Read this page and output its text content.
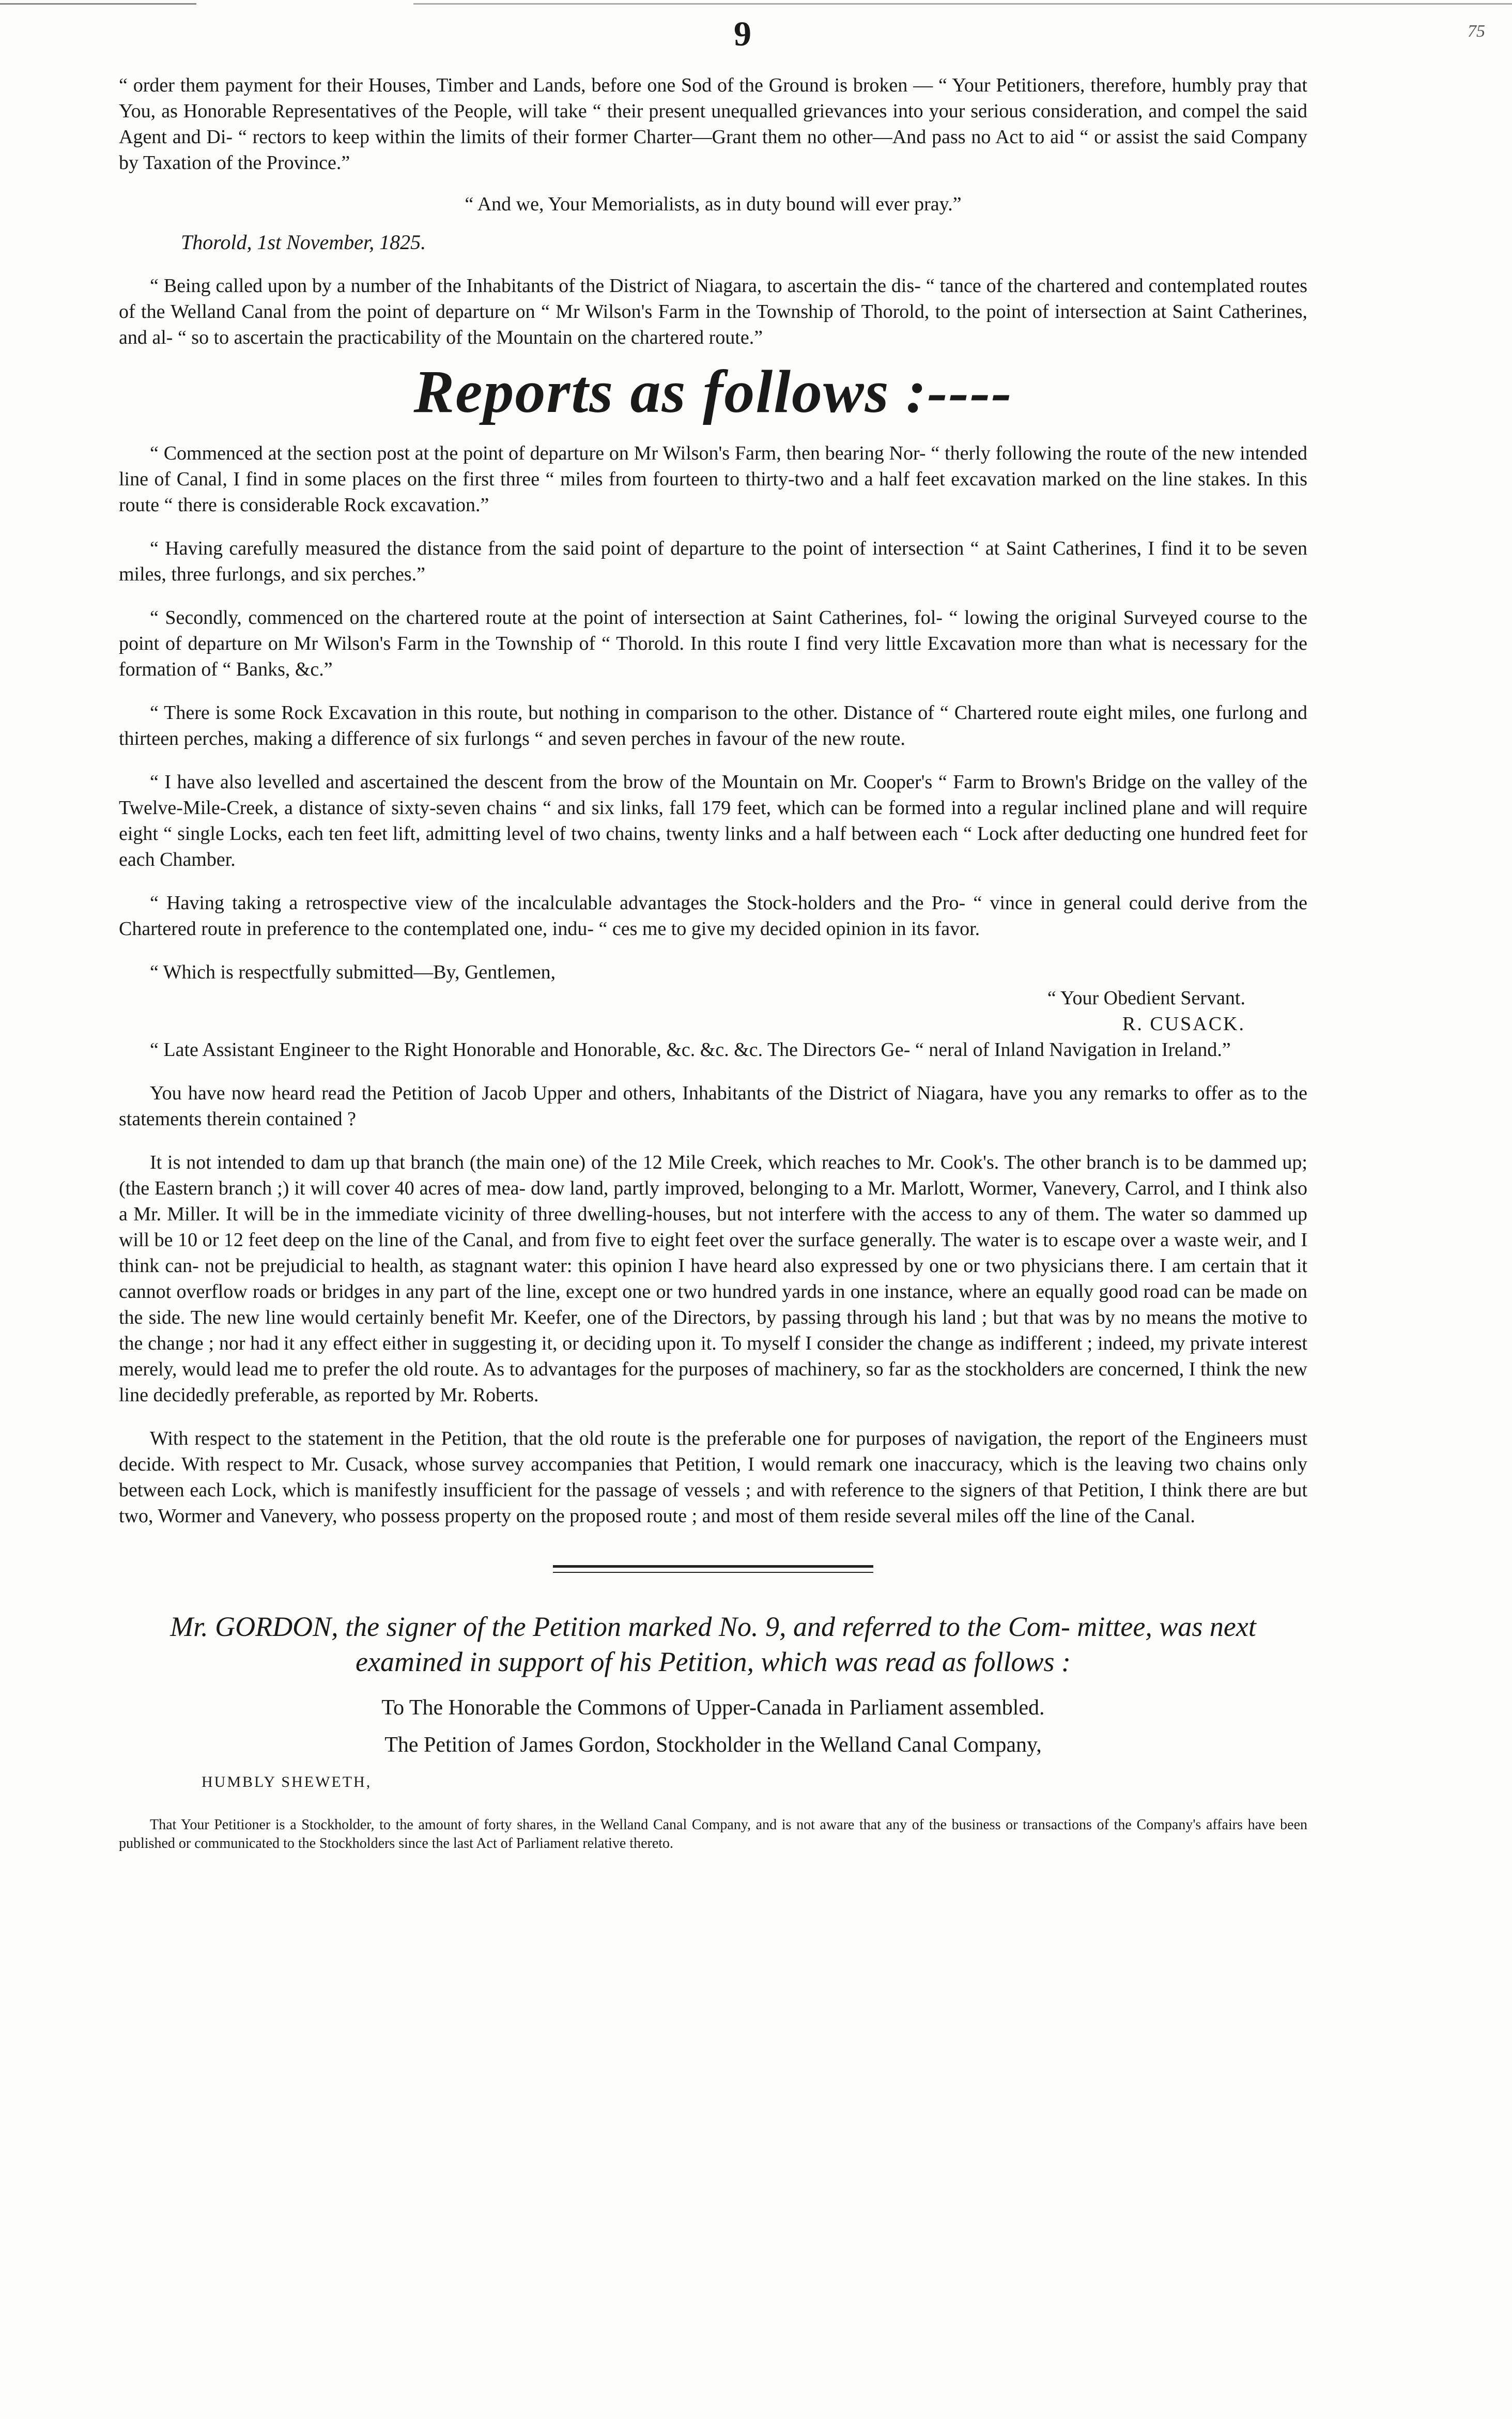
9	75

“ order them payment for their Houses, Timber and Lands, before one Sod of the Ground is broken — “ Your Petitioners, therefore, humbly pray that You, as Honorable Representatives of the People, will take “ their present unequalled grievances into your serious consideration, and compel the said Agent and Di- “ rectors to keep within the limits of their former Charter—Grant them no other—And pass no Act to aid “ or assist the said Company by Taxation of the Province.”

“ And we, Your Memorialists, as in duty bound will ever pray.”

Thorold, 1st November, 1825.

“ Being called upon by a number of the Inhabitants of the District of Niagara, to ascertain the dis- “ tance of the chartered and contemplated routes of the Welland Canal from the point of departure on “ Mr Wilson's Farm in the Township of Thorold, to the point of intersection at Saint Catherines, and al- “ so to ascertain the practicability of the Mountain on the chartered route.”

Reports as follows :----

“ Commenced at the section post at the point of departure on Mr Wilson's Farm, then bearing Nor- “ therly following the route of the new intended line of Canal, I find in some places on the first three “ miles from fourteen to thirty-two and a half feet excavation marked on the line stakes. In this route “ there is considerable Rock excavation.”

“ Having carefully measured the distance from the said point of departure to the point of intersection “ at Saint Catherines, I find it to be seven miles, three furlongs, and six perches.”

“ Secondly, commenced on the chartered route at the point of intersection at Saint Catherines, fol- “ lowing the original Surveyed course to the point of departure on Mr Wilson's Farm in the Township of “ Thorold. In this route I find very little Excavation more than what is necessary for the formation of “ Banks, &c.”

“ There is some Rock Excavation in this route, but nothing in comparison to the other. Distance of “ Chartered route eight miles, one furlong and thirteen perches, making a difference of six furlongs “ and seven perches in favour of the new route.

“ I have also levelled and ascertained the descent from the brow of the Mountain on Mr. Cooper's “ Farm to Brown's Bridge on the valley of the Twelve-Mile-Creek, a distance of sixty-seven chains “ and six links, fall 179 feet, which can be formed into a regular inclined plane and will require eight “ single Locks, each ten feet lift, admitting level of two chains, twenty links and a half between each “ Lock after deducting one hundred feet for each Chamber.

“ Having taking a retrospective view of the incalculable advantages the Stock-holders and the Pro- “ vince in general could derive from the Chartered route in preference to the contemplated one, indu- “ ces me to give my decided opinion in its favor.

“ Which is respectfully submitted—By, Gentlemen,

“ Your Obedient Servant.

R. CUSACK.

“ Late Assistant Engineer to the Right Honorable and Honorable, &c. &c. &c. The Directors Ge- “ neral of Inland Navigation in Ireland.”

You have now heard read the Petition of Jacob Upper and others, Inhabitants of the District of Niagara, have you any remarks to offer as to the statements therein contained ?

It is not intended to dam up that branch (the main one) of the 12 Mile Creek, which reaches to Mr. Cook's. The other branch is to be dammed up; (the Eastern branch ;) it will cover 40 acres of mea- dow land, partly improved, belonging to a Mr. Marlott, Wormer, Vanevery, Carrol, and I think also a Mr. Miller. It will be in the immediate vicinity of three dwelling-houses, but not interfere with the access to any of them. The water so dammed up will be 10 or 12 feet deep on the line of the Canal, and from five to eight feet over the surface generally. The water is to escape over a waste weir, and I think can- not be prejudicial to health, as stagnant water: this opinion I have heard also expressed by one or two physicians there. I am certain that it cannot overflow roads or bridges in any part of the line, except one or two hundred yards in one instance, where an equally good road can be made on the side. The new line would certainly benefit Mr. Keefer, one of the Directors, by passing through his land ; but that was by no means the motive to the change ; nor had it any effect either in suggesting it, or deciding upon it. To myself I consider the change as indifferent ; indeed, my private interest merely, would lead me to prefer the old route. As to advantages for the purposes of machinery, so far as the stockholders are concerned, I think the new line decidedly preferable, as reported by Mr. Roberts.

With respect to the statement in the Petition, that the old route is the preferable one for purposes of navigation, the report of the Engineers must decide. With respect to Mr. Cusack, whose survey accompanies that Petition, I would remark one inaccuracy, which is the leaving two chains only between each Lock, which is manifestly insufficient for the passage of vessels ; and with reference to the signers of that Petition, I think there are but two, Wormer and Vanevery, who possess property on the proposed route ; and most of them reside several miles off the line of the Canal.

Mr. GORDON, the signer of the Petition marked No. 9, and referred to the Com- mittee, was next examined in support of his Petition, which was read as follows :

To The Honorable the Commons of Upper-Canada in Parliament assembled.

The Petition of James Gordon, Stockholder in the Welland Canal Company,

HUMBLY SHEWETH,

That Your Petitioner is a Stockholder, to the amount of forty shares, in the Welland Canal Company, and is not aware that any of the business or transactions of the Company's affairs have been published or communicated to the Stockholders since the last Act of Parliament relative thereto.
